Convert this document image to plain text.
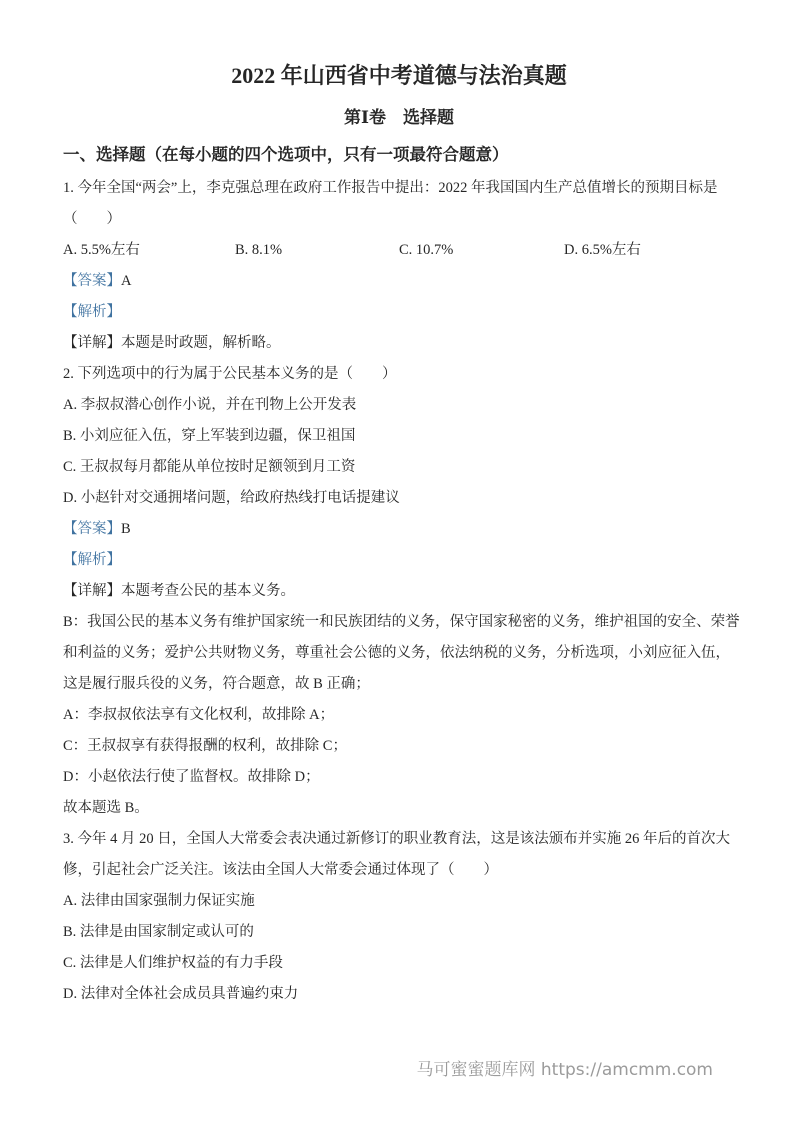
2022 年山西省中考道德与法治真题
第Ⅰ卷　选择题
一、选择题（在每小题的四个选项中，只有一项最符合题意）

1. 今年全国“两会”上，李克强总理在政府工作报告中提出：2022 年我国国内生产总值增长的预期目标是

（　　）

A. 5.5%左右	B. 8.1%	C. 10.7%	D. 6.5%左右

【答案】A

【解析】

【详解】本题是时政题，解析略。

2. 下列选项中的行为属于公民基本义务的是（　　）

A. 李叔叔潜心创作小说，并在刊物上公开发表

B. 小刘应征入伍，穿上军装到边疆，保卫祖国

C. 王叔叔每月都能从单位按时足额领到月工资

D. 小赵针对交通拥堵问题，给政府热线打电话提建议

【答案】B

【解析】

【详解】本题考查公民的基本义务。

B：我国公民的基本义务有维护国家统一和民族团结的义务，保守国家秘密的义务，维护祖国的安全、荣誉

和利益的义务；爱护公共财物义务，尊重社会公德的义务，依法纳税的义务，分析选项，小刘应征入伍，

这是履行服兵役的义务，符合题意，故 B 正确；

A：李叔叔依法享有文化权利，故排除 A；

C：王叔叔享有获得报酬的权利，故排除 C；

D：小赵依法行使了监督权。故排除 D；

故本题选 B。

3. 今年 4 月 20 日，全国人大常委会表决通过新修订的职业教育法，这是该法颁布并实施 26 年后的首次大

修，引起社会广泛关注。该法由全国人大常委会通过体现了（　　）

A. 法律由国家强制力保证实施

B. 法律是由国家制定或认可的

C. 法律是人们维护权益的有力手段

D. 法律对全体社会成员具普遍约束力

马可蜜蜜题库网 https://amcmm.com
